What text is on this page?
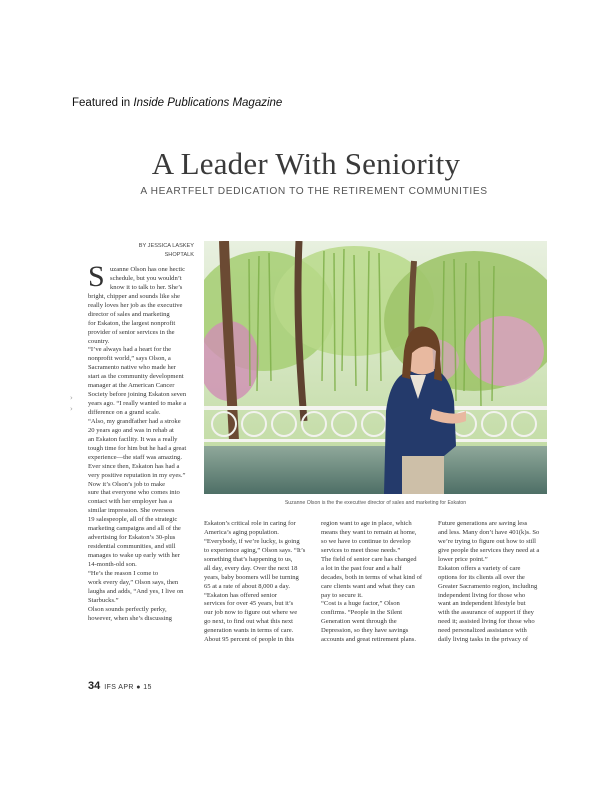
Featured in Inside Publications Magazine
A Leader With Seniority
A HEARTFELT DEDICATION TO THE RETIREMENT COMMUNITIES
BY JESSICA LASKEY
SHOPTALK
›
›
S uzanne Olson has one hectic
schedule, but you wouldn’t
know it to talk to her. She’s
bright, chipper and sounds like she
really loves her job as the executive
director of sales and marketing
for Eskaton, the largest nonprofit
provider of senior services in the
country.
“I’ve always had a heart for the
nonprofit world,” says Olson, a
Sacramento native who made her
start as the community development
manager at the American Cancer
Society before joining Eskaton seven
years ago. “I really wanted to make a
difference on a grand scale.
“Also, my grandfather had a stroke
20 years ago and was in rehab at
an Eskaton facility. It was a really
tough time for him but he had a great
experience—the staff was amazing.
Ever since then, Eskaton has had a
very positive reputation in my eyes.”
Now it’s Olson’s job to make
sure that everyone who comes into
contact with her employer has a
similar impression. She oversees
19 salespeople, all of the strategic
marketing campaigns and all of the
advertising for Eskaton’s 30-plus
residential communities, and still
manages to wake up early with her
14-month-old son.
“He’s the reason I come to
work every day,” Olson says, then
laughs and adds, “And yes, I live on
Starbucks.”
Olson sounds perfectly perky,
however, when she’s discussing
Suzanne Olson is the the executive director of sales and marketing for Eskaton
Eskaton’s critical role in caring for
America’s aging population.
“Everybody, if we’re lucky, is going
to experience aging,” Olson says. “It’s
something that’s happening to us,
all day, every day. Over the next 18
years, baby boomers will be turning
65 at a rate of about 8,000 a day.
“Eskaton has offered senior
services for over 45 years, but it’s
our job now to figure out where we
go next, to find out what this next
generation wants in terms of care.
About 95 percent of people in this
region want to age in place, which
means they want to remain at home,
so we have to continue to develop
services to meet those needs.”
The field of senior care has changed
a lot in the past four and a half
decades, both in terms of what kind of
care clients want and what they can
pay to secure it.
“Cost is a huge factor,” Olson
confirms. “People in the Silent
Generation went through the
Depression, so they have savings
accounts and great retirement plans.
Future generations are saving less
and less. Many don’t have 401(k)s. So
we’re trying to figure out how to still
give people the services they need at a
lower price point.”
Eskaton offers a variety of care
options for its clients all over the
Greater Sacramento region, including
independent living for those who
want an independent lifestyle but
with the assurance of support if they
need it; assisted living for those who
need personalized assistance with
daily living tasks in the privacy of
34 IFS APR ● 15
